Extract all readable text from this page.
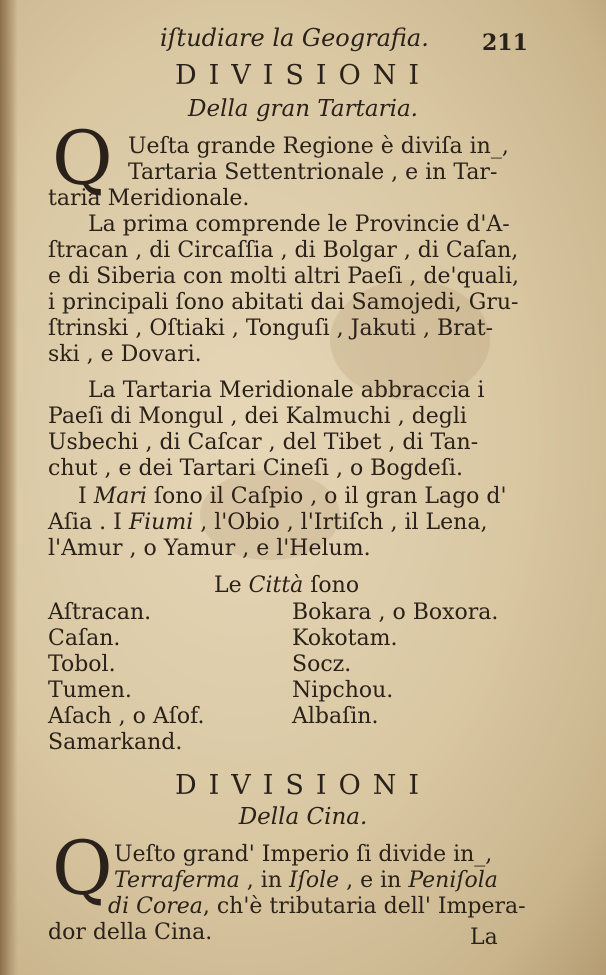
iſtudiare la Geografia. 211
DIVISIONI
Della gran Tartaria.
Q Ueſta grande Regione è diviſa in_,
Tartaria Settentrionale , e in Tar-
taria Meridionale.
La prima comprende le Provincie d'A-
ſtracan , di Circaſſia , di Bolgar , di Caſan,
e di Siberia con molti altri Paeſi , de'quali,
i principali ſono abitati dai Samojedi, Gru-
ſtrinski , Oſtiaki , Tonguſi , Jakuti , Brat-
ski , e Dovari.
La Tartaria Meridionale abbraccia i
Paeſi di Mongul , dei Kalmuchi , degli
Usbechi , di Caſcar , del Tibet , di Tan-
chut , e dei Tartari Cineſi , o Bogdeſi.
I Mari ſono il Caſpio , o il gran Lago d'
Aſia . I Fiumi , l'Obio , l'Irtiſch , il Lena,
l'Amur , o Yamur , e l'Helum.
Le Città ſono
Aſtracan.
Caſan.
Tobol.
Tumen.
Aſach , o Aſof.
Samarkand.
Bokara , o Boxora.
Kokotam.
Socz.
Nipchou.
Albaſin.
DIVISIONI
Della Cina.
Q Ueſto grand' Imperio ſi divide in_,
Terraferma , in Iſole , e in Peniſola
di Corea, ch'è tributaria dell' Impera-
dor della Cina.	La
